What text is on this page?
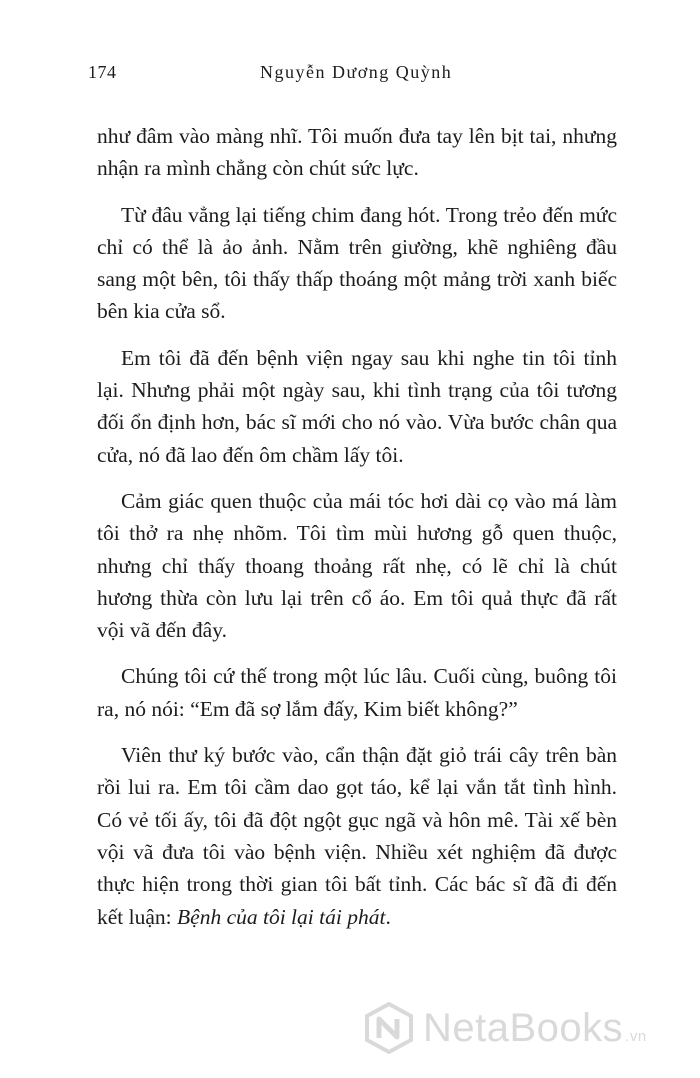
174	Nguyễn Dương Quỳnh

như đâm vào màng nhĩ. Tôi muốn đưa tay lên bịt tai, nhưng nhận ra mình chẳng còn chút sức lực.

Từ đâu vẳng lại tiếng chim đang hót. Trong trẻo đến mức chỉ có thể là ảo ảnh. Nằm trên giường, khẽ nghiêng đầu sang một bên, tôi thấy thấp thoáng một mảng trời xanh biếc bên kia cửa sổ.

Em tôi đã đến bệnh viện ngay sau khi nghe tin tôi tỉnh lại. Nhưng phải một ngày sau, khi tình trạng của tôi tương đối ổn định hơn, bác sĩ mới cho nó vào. Vừa bước chân qua cửa, nó đã lao đến ôm chầm lấy tôi.

Cảm giác quen thuộc của mái tóc hơi dài cọ vào má làm tôi thở ra nhẹ nhõm. Tôi tìm mùi hương gỗ quen thuộc, nhưng chỉ thấy thoang thoảng rất nhẹ, có lẽ chỉ là chút hương thừa còn lưu lại trên cổ áo. Em tôi quả thực đã rất vội vã đến đây.

Chúng tôi cứ thế trong một lúc lâu. Cuối cùng, buông tôi ra, nó nói: “Em đã sợ lắm đấy, Kim biết không?”

Viên thư ký bước vào, cẩn thận đặt giỏ trái cây trên bàn rồi lui ra. Em tôi cầm dao gọt táo, kể lại vắn tắt tình hình. Có vẻ tối ấy, tôi đã đột ngột gục ngã và hôn mê. Tài xế bèn vội vã đưa tôi vào bệnh viện. Nhiều xét nghiệm đã được thực hiện trong thời gian tôi bất tỉnh. Các bác sĩ đã đi đến kết luận: Bệnh của tôi lại tái phát.

NetaBooks .vn
